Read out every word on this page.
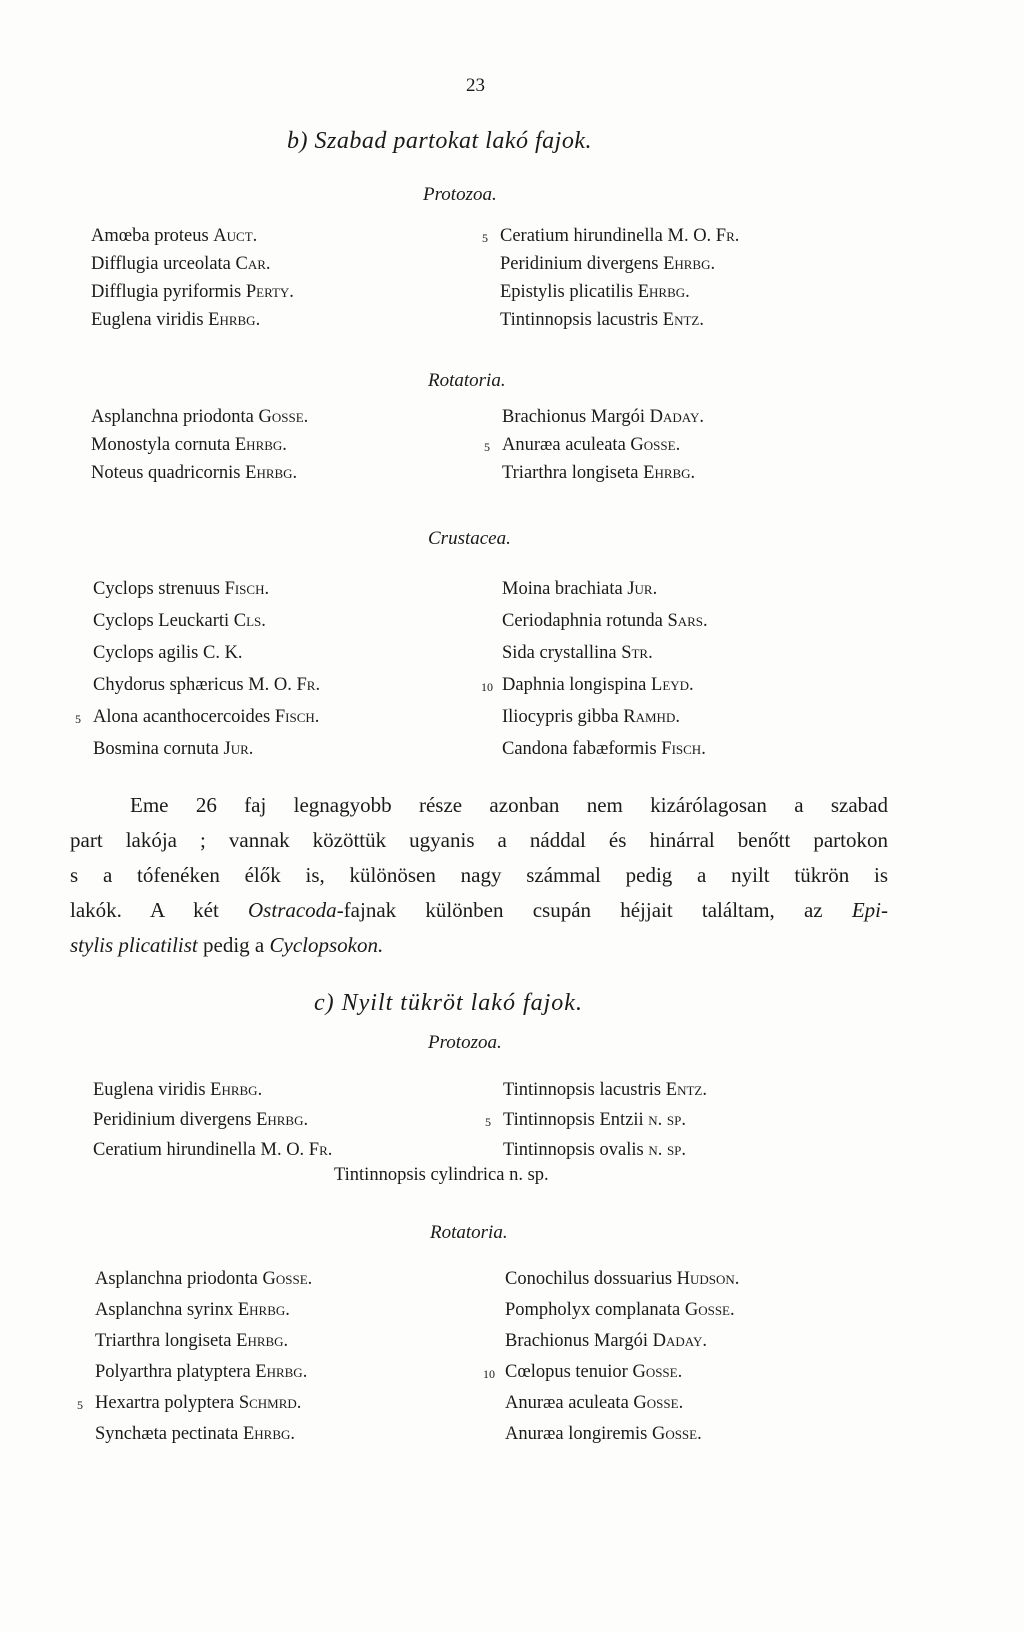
23
b) Szabad partokat lakó fajok.
Protozoa.
Amœba proteus Auct.
Difflugia urceolata Car.
Difflugia pyriformis Perty.
Euglena viridis Ehrbg.
5 Ceratium hirundinella M. O. Fr.
Peridinium divergens Ehrbg.
Epistylis plicatilis Ehrbg.
Tintinnopsis lacustris Entz.
Rotatoria.
Asplanchna priodonta Gosse.
Monostyla cornuta Ehrbg.
Noteus quadricornis Ehrbg.
Brachionus Margói Daday.
5 Anuræa aculeata Gosse.
Triarthra longiseta Ehrbg.
Crustacea.
Cyclops strenuus Fisch.
Cyclops Leuckarti Cls.
Cyclops agilis C. K.
Chydorus sphæricus M. O. Fr.
5 Alona acanthocercoides Fisch.
Bosmina cornuta Jur.
Moina brachiata Jur.
Ceriodaphnia rotunda Sars.
Sida crystallina Str.
10 Daphnia longispina Leyd.
Iliocypris gibba Ramhd.
Candona fabæformis Fisch.
Eme 26 faj legnagyobb része azonban nem kizárólagosan a szabad
part lakója ; vannak közöttük ugyanis a náddal és hinárral benőtt partokon
s a tófenéken élők is, különösen nagy számmal pedig a nyilt tükrön is
lakók. A két Ostracoda-fajnak különben csupán héjjait találtam, az Epi-
stylis plicatilist pedig a Cyclopsokon.
c) Nyilt tükröt lakó fajok.
Protozoa.
Euglena viridis Ehrbg.
Peridinium divergens Ehrbg.
Ceratium hirundinella M. O. Fr.
Tintinnopsis lacustris Entz.
5 Tintinnopsis Entzii n. sp.
Tintinnopsis ovalis n. sp.
Tintinnopsis cylindrica n. sp.
Rotatoria.
Asplanchna priodonta Gosse.
Asplanchna syrinx Ehrbg.
Triarthra longiseta Ehrbg.
Polyarthra platyptera Ehrbg.
5 Hexartra polyptera Schmrd.
Synchæta pectinata Ehrbg.
Conochilus dossuarius Hudson.
Pompholyx complanata Gosse.
Brachionus Margói Daday.
10 Cœlopus tenuior Gosse.
Anuræa aculeata Gosse.
Anuræa longiremis Gosse.
